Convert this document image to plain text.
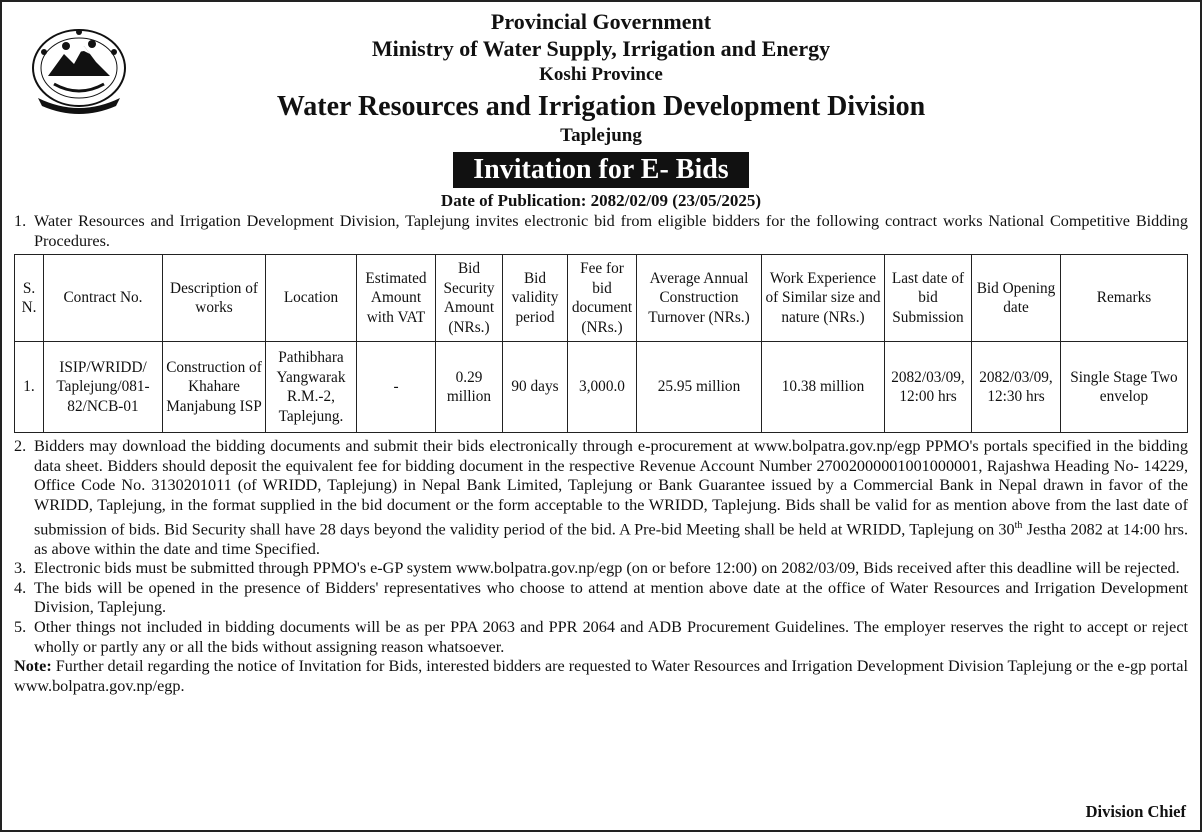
Provincial Government
Ministry of Water Supply, Irrigation and Energy
Koshi Province
Water Resources and Irrigation Development Division
Taplejung
Invitation for E- Bids
Date of Publication: 2082/02/09 (23/05/2025)
1. Water Resources and Irrigation Development Division, Taplejung invites electronic bid from eligible bidders for the following contract works National Competitive Bidding Procedures.
S. N.	Contract No.	Description of works	Location	Estimated Amount with VAT	Bid Security Amount (NRs.)	Bid validity period	Fee for bid document (NRs.)	Average Annual Construction Turnover (NRs.)	Work Experience of Similar size and nature (NRs.)	Last date of bid Submission	Bid Opening date	Remarks
1.	ISIP/WRIDD/ Taplejung/081-82/NCB-01	Construction of Khahare Manjabung ISP	Pathibhara Yangwarak R.M.-2, Taplejung.	-	0.29 million	90 days	3,000.0	25.95 million	10.38 million	2082/03/09, 12:00 hrs	2082/03/09, 12:30 hrs	Single Stage Two envelop
2. Bidders may download the bidding documents and submit their bids electronically through e-procurement at www.bolpatra.gov.np/egp PPMO's portals specified in the bidding data sheet. Bidders should deposit the equivalent fee for bidding document in the respective Revenue Account Number 27002000001001000001, Rajashwa Heading No- 14229, Office Code No. 3130201011 (of WRIDD, Taplejung) in Nepal Bank Limited, Taplejung or Bank Guarantee issued by a Commercial Bank in Nepal drawn in favor of the WRIDD, Taplejung, in the format supplied in the bid document or the form acceptable to the WRIDD, Taplejung. Bids shall be valid for as mention above from the last date of submission of bids. Bid Security shall have 28 days beyond the validity period of the bid. A Pre-bid Meeting shall be held at WRIDD, Taplejung on 30th Jestha 2082 at 14:00 hrs. as above within the date and time Specified.
3. Electronic bids must be submitted through PPMO's e-GP system www.bolpatra.gov.np/egp (on or before 12:00) on 2082/03/09, Bids received after this deadline will be rejected.
4. The bids will be opened in the presence of Bidders' representatives who choose to attend at mention above date at the office of Water Resources and Irrigation Development Division, Taplejung.
5. Other things not included in bidding documents will be as per PPA 2063 and PPR 2064 and ADB Procurement Guidelines. The employer reserves the right to accept or reject wholly or partly any or all the bids without assigning reason whatsoever.
Note: Further detail regarding the notice of Invitation for Bids, interested bidders are requested to Water Resources and Irrigation Development Division Taplejung or the e-gp portal www.bolpatra.gov.np/egp.
Division Chief
